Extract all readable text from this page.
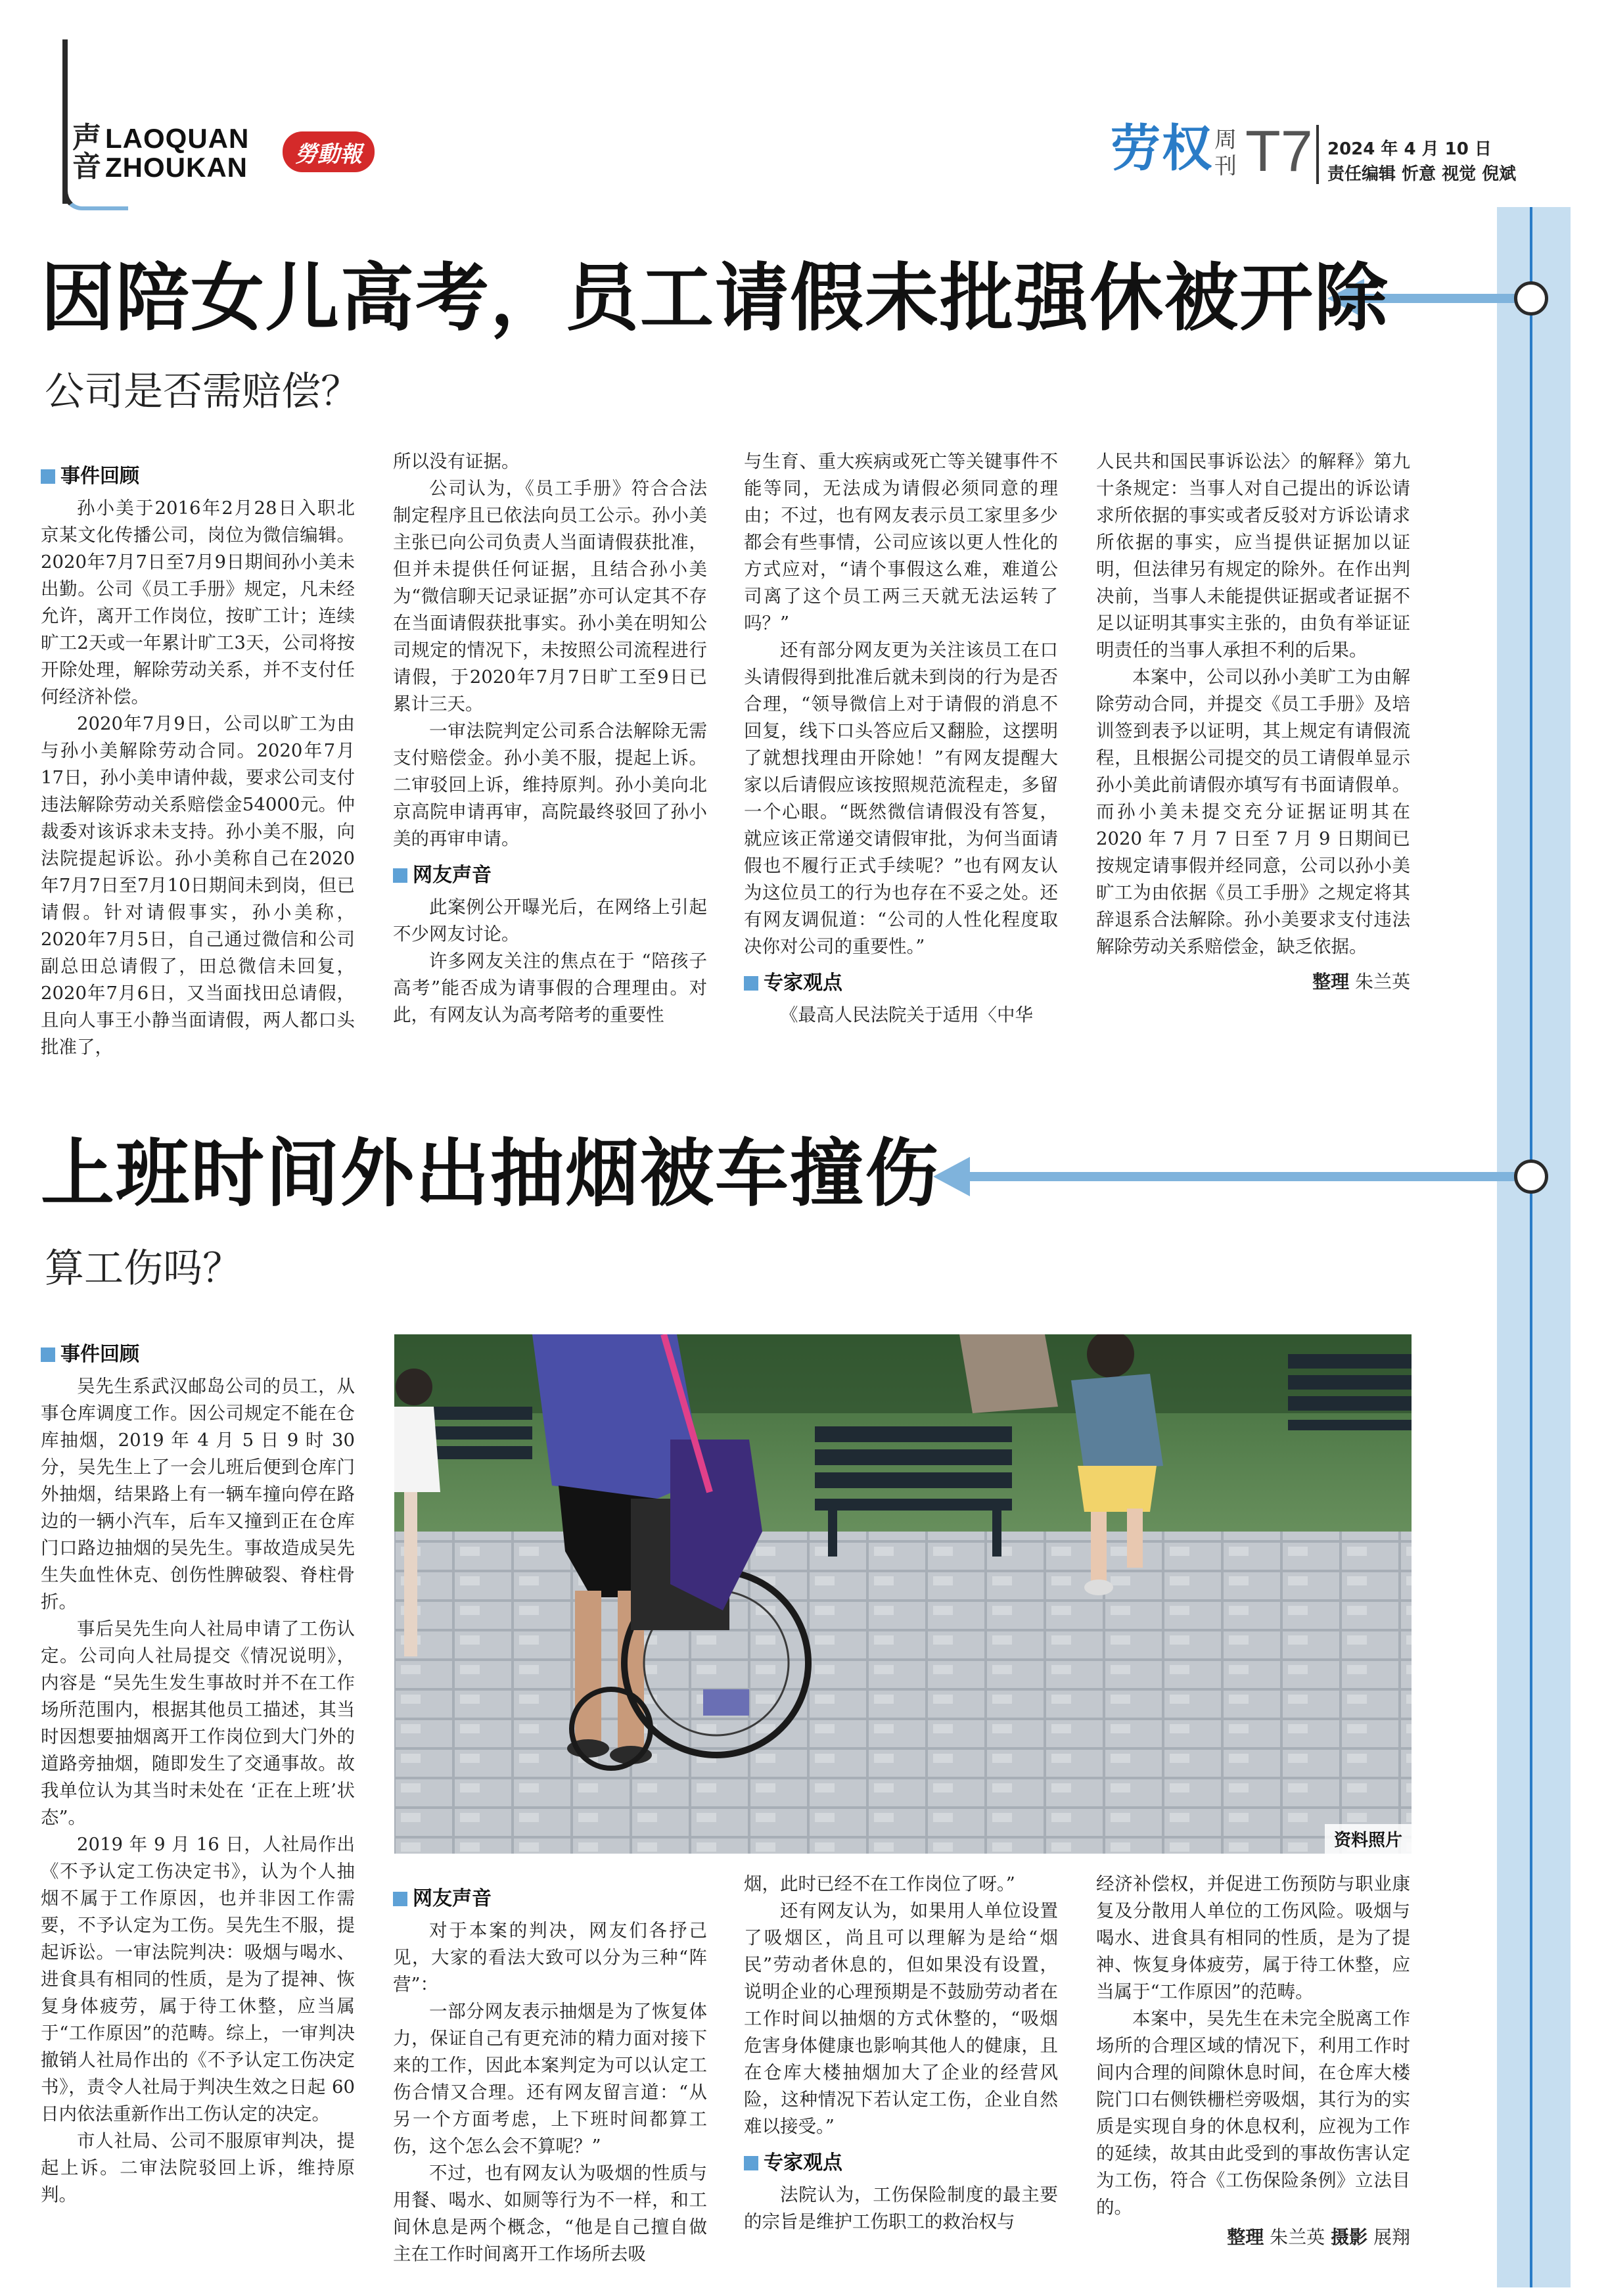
声
音
LAOQUAN
ZHOUKAN	勞動報	劳权 周
刊 T7 2024 年 4 月 10 日
责任编辑 忻意 视觉 倪斌
因陪女儿高考，员工请假未批强休被开除
公司是否需赔偿？
事件回顾

孙小美于2016年2月28日入职北京某文化传播公司，岗位为微信编辑。2020年7月7日至7月9日期间孙小美未出勤。公司《员工手册》规定，凡未经允许，离开工作岗位，按旷工计；连续旷工2天或一年累计旷工3天，公司将按开除处理，解除劳动关系，并不支付任何经济补偿。

2020年7月9日，公司以旷工为由与孙小美解除劳动合同。2020年7月17日，孙小美申请仲裁，要求公司支付违法解除劳动关系赔偿金54000元。仲裁委对该诉求未支持。孙小美不服，向法院提起诉讼。孙小美称自己在2020年7月7日至7月10日期间未到岗，但已请假。针对请假事实，孙小美称，2020年7月5日，自己通过微信和公司副总田总请假了，田总微信未回复，2020年7月6日，又当面找田总请假，且向人事王小静当面请假，两人都口头批准了，

所以没有证据。

公司认为，《员工手册》符合合法制定程序且已依法向员工公示。孙小美主张已向公司负责人当面请假获批准，但并未提供任何证据，且结合孙小美为“微信聊天记录证据”亦可认定其不存在当面请假获批事实。孙小美在明知公司规定的情况下，未按照公司流程进行请假，于2020年7月7日旷工至9日已累计三天。

一审法院判定公司系合法解除无需支付赔偿金。孙小美不服，提起上诉。二审驳回上诉，维持原判。孙小美向北京高院申请再审，高院最终驳回了孙小美的再审申请。

网友声音

此案例公开曝光后，在网络上引起不少网友讨论。

许多网友关注的焦点在于 “陪孩子高考”能否成为请事假的合理理由。对此，有网友认为高考陪考的重要性

与生育、重大疾病或死亡等关键事件不能等同，无法成为请假必须同意的理由；不过，也有网友表示员工家里多少都会有些事情，公司应该以更人性化的方式应对，“请个事假这么难，难道公司离了这个员工两三天就无法运转了吗？”

还有部分网友更为关注该员工在口头请假得到批准后就未到岗的行为是否合理，“领导微信上对于请假的消息不回复，线下口头答应后又翻脸，这摆明了就想找理由开除她！”有网友提醒大家以后请假应该按照规范流程走，多留一个心眼。“既然微信请假没有答复，就应该正常递交请假审批，为何当面请假也不履行正式手续呢？”也有网友认为这位员工的行为也存在不妥之处。还有网友调侃道：“公司的人性化程度取决你对公司的重要性。”

专家观点

《最高人民法院关于适用〈中华

人民共和国民事诉讼法〉的解释》第九十条规定：当事人对自己提出的诉讼请求所依据的事实或者反驳对方诉讼请求所依据的事实，应当提供证据加以证明，但法律另有规定的除外。在作出判决前，当事人未能提供证据或者证据不足以证明其事实主张的，由负有举证证明责任的当事人承担不利的后果。

本案中，公司以孙小美旷工为由解除劳动合同，并提交《员工手册》及培训签到表予以证明，其上规定有请假流程，且根据公司提交的员工请假单显示孙小美此前请假亦填写有书面请假单。而孙小美未提交充分证据证明其在 2020 年 7 月 7 日至 7 月 9 日期间已按规定请事假并经同意，公司以孙小美旷工为由依据《员工手册》之规定将其辞退系合法解除。孙小美要求支付违法解除劳动关系赔偿金，缺乏依据。

整理 朱兰英
上班时间外出抽烟被车撞伤
算工伤吗？
事件回顾

吴先生系武汉邮岛公司的员工，从事仓库调度工作。因公司规定不能在仓库抽烟，2019 年 4 月 5 日 9 时 30 分，吴先生上了一会儿班后便到仓库门外抽烟，结果路上有一辆车撞向停在路边的一辆小汽车，后车又撞到正在仓库门口路边抽烟的吴先生。事故造成吴先生失血性休克、创伤性脾破裂、脊柱骨折。

事后吴先生向人社局申请了工伤认定。公司向人社局提交《情况说明》，内容是 “吴先生发生事故时并不在工作场所范围内，根据其他员工描述，其当时因想要抽烟离开工作岗位到大门外的道路旁抽烟，随即发生了交通事故。故我单位认为其当时未处在 ‘正在上班’状态”。

2019 年 9 月 16 日，人社局作出《不予认定工伤决定书》，认为个人抽烟不属于工作原因，也并非因工作需要，不予认定为工伤。吴先生不服，提起诉讼。一审法院判决：吸烟与喝水、进食具有相同的性质，是为了提神、恢复身体疲劳，属于待工休整，应当属于“工作原因”的范畴。综上，一审判决撤销人社局作出的《不予认定工伤决定书》，责令人社局于判决生效之日起 60 日内依法重新作出工伤认定的决定。

市人社局、公司不服原审判决，提起上诉。二审法院驳回上诉，维持原判。

资料照片
网友声音

对于本案的判决，网友们各抒己见，大家的看法大致可以分为三种“阵营”：

一部分网友表示抽烟是为了恢复体力，保证自己有更充沛的精力面对接下来的工作，因此本案判定为可以认定工伤合情又合理。还有网友留言道：“从另一个方面考虑，上下班时间都算工伤，这个怎么会不算呢？”

不过，也有网友认为吸烟的性质与用餐、喝水、如厕等行为不一样，和工间休息是两个概念，“他是自己擅自做主在工作时间离开工作场所去吸

烟，此时已经不在工作岗位了呀。”

还有网友认为，如果用人单位设置了吸烟区，尚且可以理解为是给“烟民”劳动者休息的，但如果没有设置，说明企业的心理预期是不鼓励劳动者在工作时间以抽烟的方式休整的，“吸烟危害身体健康也影响其他人的健康，且在仓库大楼抽烟加大了企业的经营风险，这种情况下若认定工伤，企业自然难以接受。”

专家观点

法院认为，工伤保险制度的最主要的宗旨是维护工伤职工的救治权与

经济补偿权，并促进工伤预防与职业康复及分散用人单位的工伤风险。吸烟与喝水、进食具有相同的性质，是为了提神、恢复身体疲劳，属于待工休整，应当属于“工作原因”的范畴。

本案中，吴先生在未完全脱离工作场所的合理区域的情况下，利用工作时间内合理的间隙休息时间，在仓库大楼院门口右侧铁栅栏旁吸烟，其行为的实质是实现自身的休息权利，应视为工作的延续，故其由此受到的事故伤害认定为工伤，符合《工伤保险条例》立法目的。

整理 朱兰英 摄影 展翔
